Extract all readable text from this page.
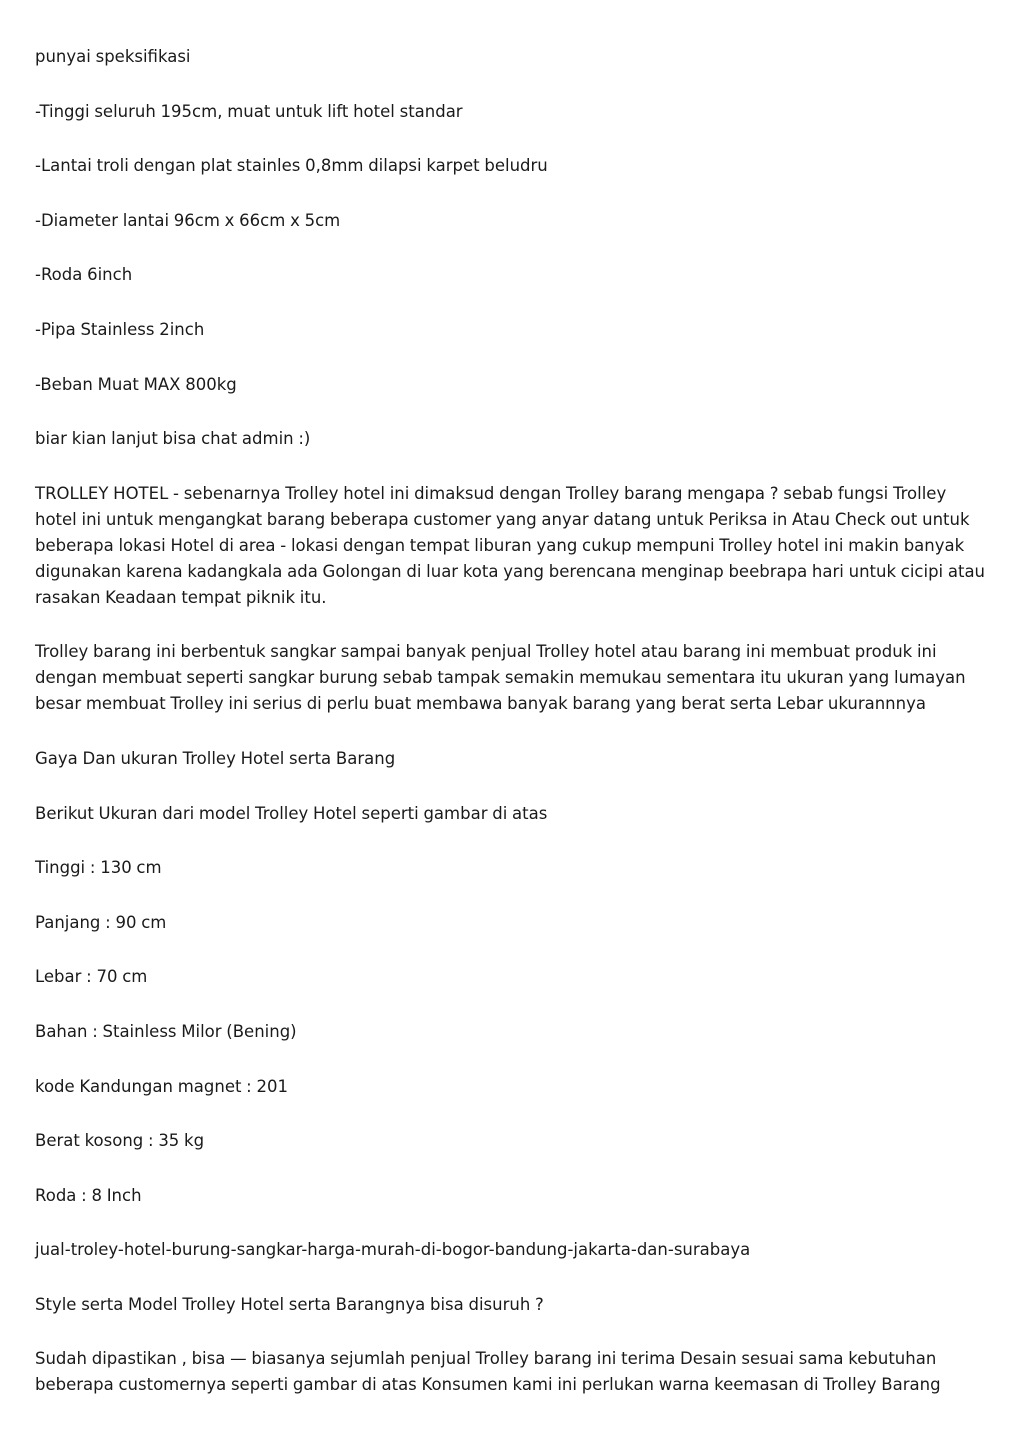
punyai speksifikasi

-Tinggi seluruh 195cm, muat untuk lift hotel standar

-Lantai troli dengan plat stainles 0,8mm dilapsi karpet beludru

-Diameter lantai 96cm x 66cm x 5cm

-Roda 6inch

-Pipa Stainless 2inch

-Beban Muat MAX 800kg

biar kian lanjut bisa chat admin :)

TROLLEY HOTEL - sebenarnya Trolley hotel ini dimaksud dengan Trolley barang mengapa ? sebab fungsi Trolley hotel ini untuk mengangkat barang beberapa customer yang anyar datang untuk Periksa in Atau Check out untuk beberapa lokasi Hotel di area - lokasi dengan tempat liburan yang cukup mempuni Trolley hotel ini makin banyak digunakan karena kadangkala ada Golongan di luar kota yang berencana menginap beebrapa hari untuk cicipi atau rasakan Keadaan tempat piknik itu.

Trolley barang ini berbentuk sangkar sampai banyak penjual Trolley hotel atau barang ini membuat produk ini dengan membuat seperti sangkar burung sebab tampak semakin memukau sementara itu ukuran yang lumayan besar membuat Trolley ini serius di perlu buat membawa banyak barang yang berat serta Lebar ukurannnya

Gaya Dan ukuran Trolley Hotel serta Barang

Berikut Ukuran dari model Trolley Hotel seperti gambar di atas

Tinggi : 130 cm

Panjang : 90 cm

Lebar : 70 cm

Bahan : Stainless Milor (Bening)

kode Kandungan magnet : 201

Berat kosong : 35 kg

Roda : 8 Inch

jual-troley-hotel-burung-sangkar-harga-murah-di-bogor-bandung-jakarta-dan-surabaya

Style serta Model Trolley Hotel serta Barangnya bisa disuruh ?

Sudah dipastikan , bisa — biasanya sejumlah penjual Trolley barang ini terima Desain sesuai sama kebutuhan beberapa customernya seperti gambar di atas Konsumen kami ini perlukan warna keemasan di Trolley Barang
